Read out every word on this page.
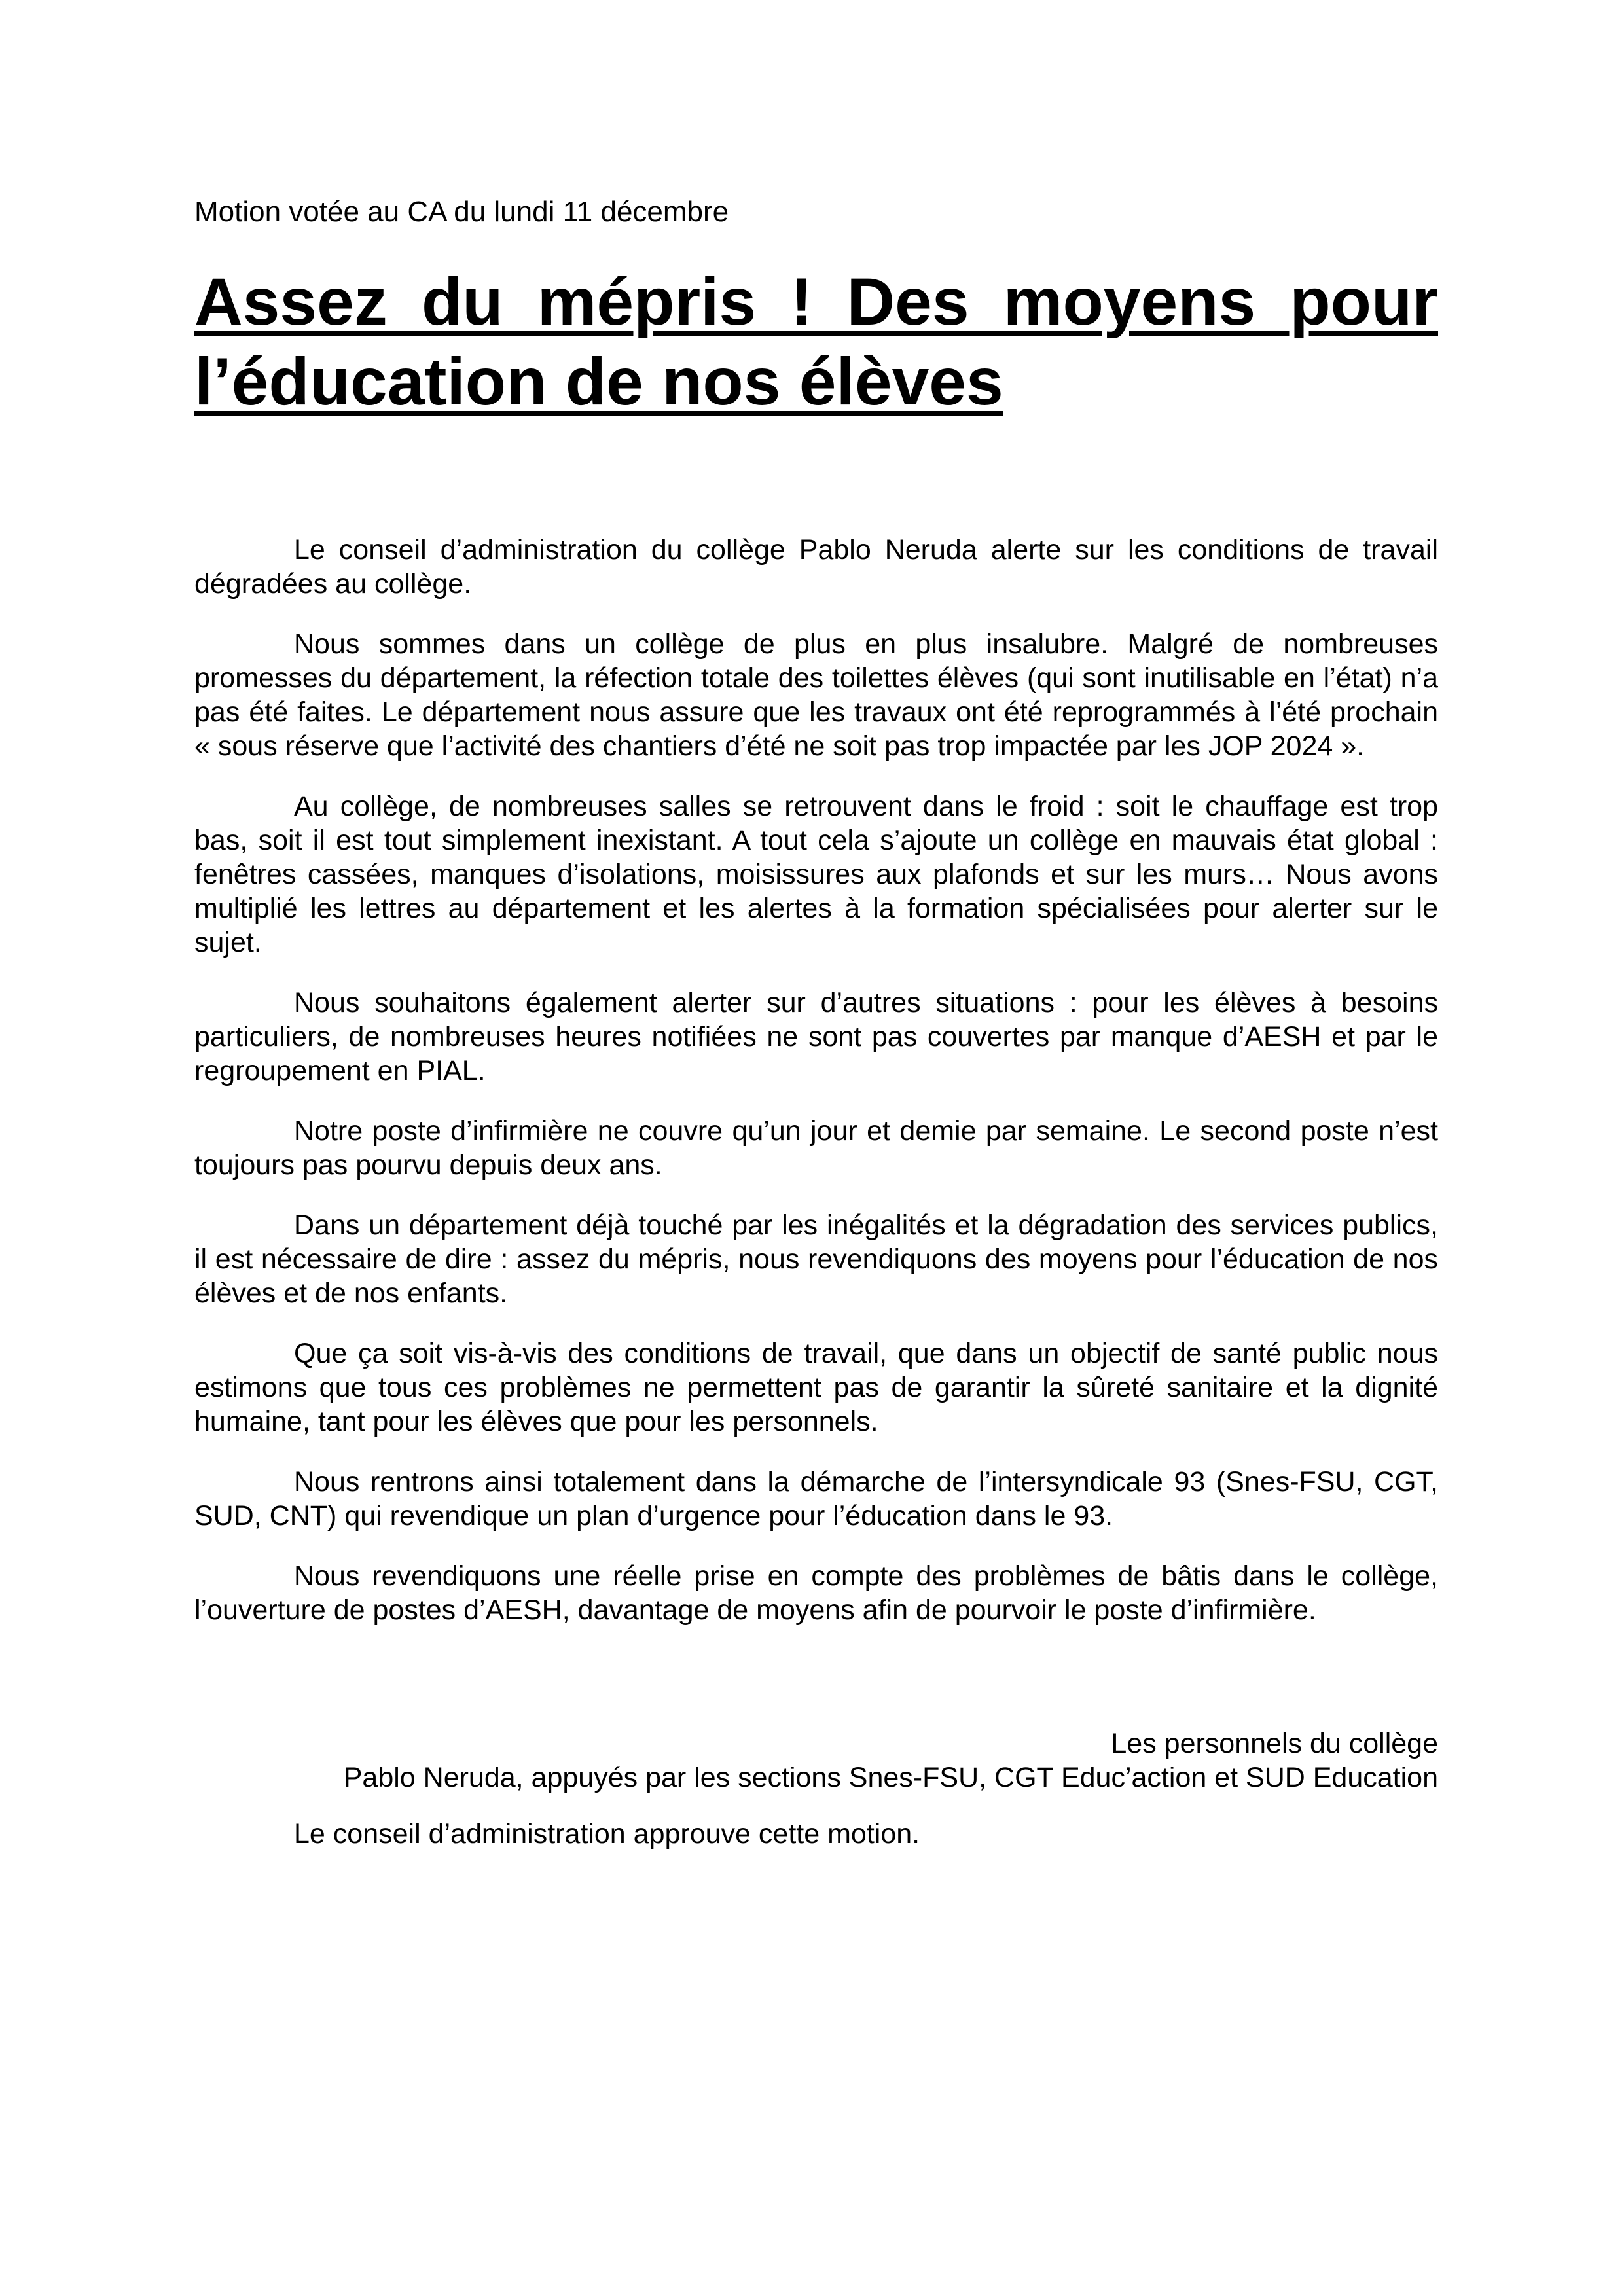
Motion votée au CA du lundi 11 décembre
Assez du mépris ! Des moyens pour l’éducation de nos élèves

Le conseil d’administration du collège Pablo Neruda alerte sur les conditions de travail dégradées au collège.

Nous sommes dans un collège de plus en plus insalubre. Malgré de nombreuses promesses du département, la réfection totale des toilettes élèves (qui sont inutilisable en l’état) n’a pas été faites. Le département nous assure que les travaux ont été reprogrammés à l’été prochain « sous réserve que l’activité des chantiers d’été ne soit pas trop impactée par les JOP 2024 ».

Au collège, de nombreuses salles se retrouvent dans le froid : soit le chauffage est trop bas, soit il est tout simplement inexistant. A tout cela s’ajoute un collège en mauvais état global : fenêtres cassées, manques d’isolations, moisissures aux plafonds et sur les murs… Nous avons multiplié les lettres au département et les alertes à la formation spécialisées pour alerter sur le sujet.

Nous souhaitons également alerter sur d’autres situations : pour les élèves à besoins particuliers, de nombreuses heures notifiées ne sont pas couvertes par manque d’AESH et par le regroupement en PIAL.

Notre poste d’infirmière ne couvre qu’un jour et demie par semaine. Le second poste n’est toujours pas pourvu depuis deux ans.

Dans un département déjà touché par les inégalités et la dégradation des services publics, il est nécessaire de dire : assez du mépris, nous revendiquons des moyens pour l’éducation de nos élèves et de nos enfants.

Que ça soit vis-à-vis des conditions de travail, que dans un objectif de santé public nous estimons que tous ces problèmes ne permettent pas de garantir la sûreté sanitaire et la dignité humaine, tant pour les élèves que pour les personnels.

Nous rentrons ainsi totalement dans la démarche de l’intersyndicale 93 (Snes-FSU, CGT, SUD, CNT) qui revendique un plan d’urgence pour l’éducation dans le 93.

Nous revendiquons une réelle prise en compte des problèmes de bâtis dans le collège, l’ouverture de postes d’AESH, davantage de moyens afin de pourvoir le poste d’infirmière.

Les personnels du collège
Pablo Neruda, appuyés par les sections Snes-FSU, CGT Educ’action et SUD Education
Le conseil d’administration approuve cette motion.
